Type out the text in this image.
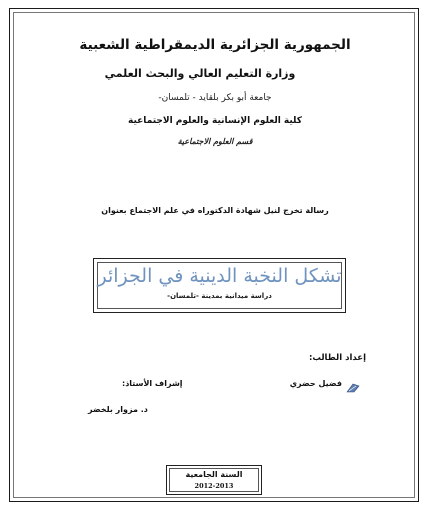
الجمهورية الجزائرية الديمقراطية الشعبية
وزارة التعليم العالي والبحث العلمي
جامعة أبو بكر بلقايد - تلمسان-
كلية العلوم الإنسانية والعلوم الاجتماعية
قسم العلوم الاجتماعية
رسالة تخرج لنيل شهادة الدكتوراه في علم الاجتماع بعنوان
تشكل النخبة الدينية في الجزائر
دراسة ميدانية بمدينة -تلمسان-
إعداد الطالب:
فضيل حضري
إشراف الأستاذ:
د. مزوار بلخضر
السنة الجامعية
2012-2013
